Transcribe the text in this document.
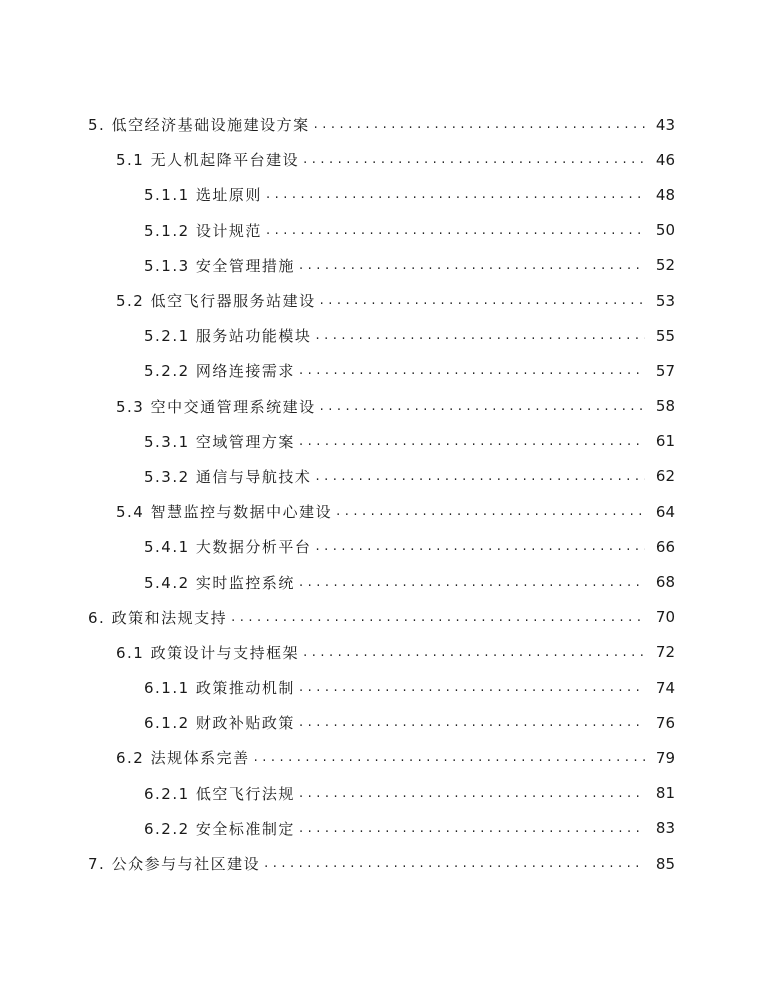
5. 低空经济基础设施建设方案 .....	43
5.1 无人机起降平台建设 .....	46
5.1.1 选址原则 .....	48
5.1.2 设计规范 .....	50
5.1.3 安全管理措施 .....	52
5.2 低空飞行器服务站建设 .....	53
5.2.1 服务站功能模块 .....	55
5.2.2 网络连接需求 .....	57
5.3 空中交通管理系统建设 .....	58
5.3.1 空域管理方案 .....	61
5.3.2 通信与导航技术 .....	62
5.4 智慧监控与数据中心建设 .....	64
5.4.1 大数据分析平台 .....	66
5.4.2 实时监控系统 .....	68
6. 政策和法规支持 .....	70
6.1 政策设计与支持框架 .....	72
6.1.1 政策推动机制 .....	74
6.1.2 财政补贴政策 .....	76
6.2 法规体系完善 .....	79
6.2.1 低空飞行法规 .....	81
6.2.2 安全标准制定 .....	83
7. 公众参与与社区建设 .....	85
